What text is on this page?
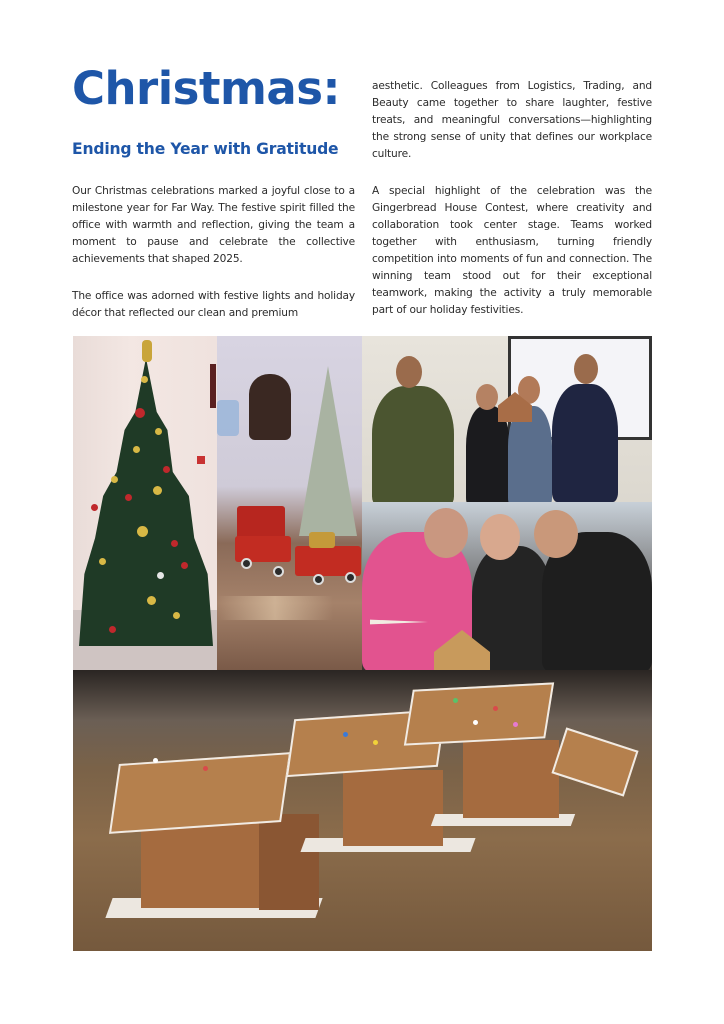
Christmas:
Ending the Year with Gratitude

Our Christmas celebrations marked a joyful close to a milestone year for Far Way. The festive spirit filled the office with warmth and reflection, giving the team a moment to pause and celebrate the collective achievements that shaped 2025.

The office was adorned with festive lights and holiday décor that reflected our clean and premium

aesthetic. Colleagues from Logistics, Trading, and Beauty came together to share laughter, festive treats, and meaningful conversations—highlighting the strong sense of unity that defines our workplace culture.

A special highlight of the celebration was the Gingerbread House Contest, where creativity and collaboration took center stage. Teams worked together with enthusiasm, turning friendly competition into moments of fun and connection. The winning team stood out for their exceptional teamwork, making the activity a truly memorable part of our holiday festivities.
